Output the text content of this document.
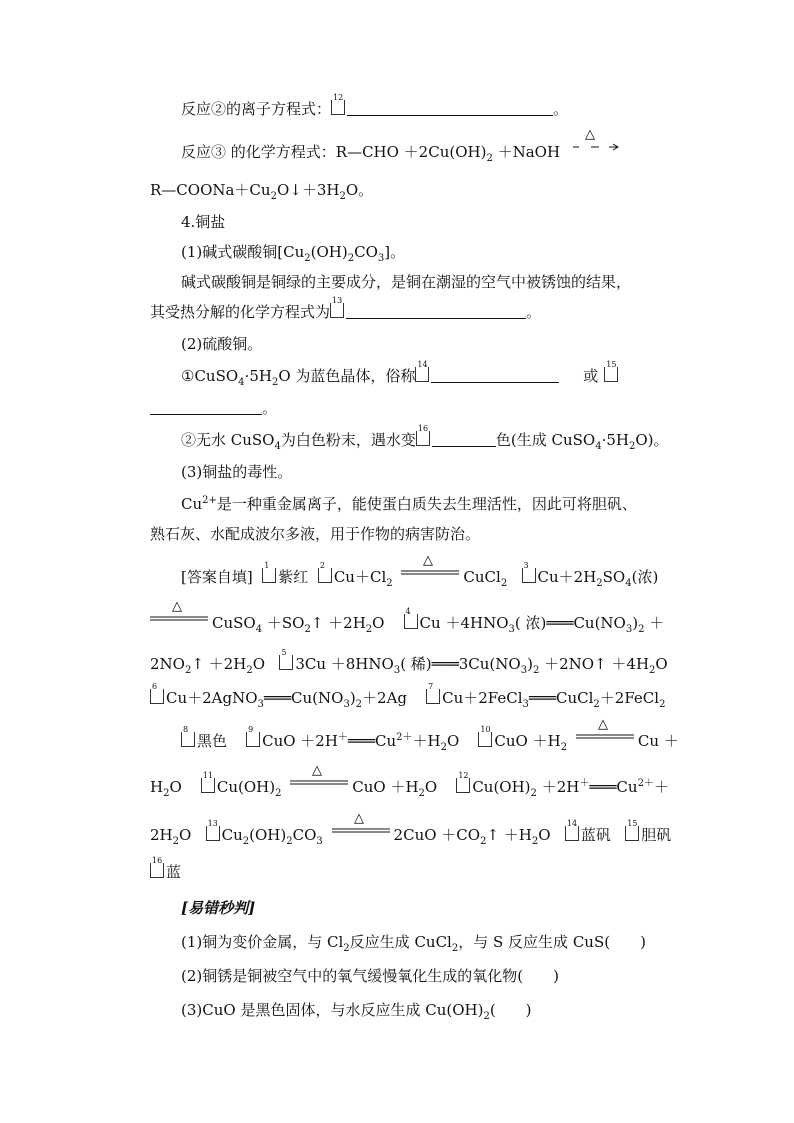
反应②的离子方程式：
12
。
反应③ 的化学方程式：R—CHO $+2Cu(OH)_2$ ＋NaOH
△
$R—COONa+Cu_2O↓+3H_2O$。
4.铜盐
(1)碱式碳酸铜$[Cu_2(OH)_2CO_3]$。
碱式碳酸铜是铜绿的主要成分，是铜在潮湿的空气中被锈蚀的结果，
其受热分解的化学方程式为
13
。
(2)硫酸铜。
$①CuSO_4\cdot 5H_2O$ 为蓝色晶体，俗称
14
或
15
。
②无水 CuSO$_4$为白色粉末，遇水变
16
色(生成 $CuSO_4\cdot 5H_2O$)。
(3)铜盐的毒性。
$Cu^{2+}$是一种重金属离子，能使蛋白质失去生理活性，因此可将胆矾、
熟石灰、水配成波尔多液，用于作物的病害防治。
[答案自填]
1
紫红
2
$Cu+Cl_2$
△
CuCl$_2$
3
$Cu+2H_2SO_4$(浓)
△
CuSO$_4$ $+SO_2↑ +2H_2O$
4
$Cu +4HNO_3$( 浓)$═══Cu(NO_3)_2$ ＋
$2NO_2↑ +2H_2O$
5
$3Cu +8HNO_3$( 稀)$═══3Cu(NO_3)_2$ ＋2NO↑ $+4H_2O$
6
$Cu+2AgNO_3═══Cu(NO_3)_2+2Ag$
7
Cu＋2FeCl$_3$═══CuCl$_2$＋2FeCl$_2$
8
黑色
9
CuO $+2H^+═══Cu^{2+}+H_2O$
10
CuO $+H_2$
△
Cu ＋
$H_2O$
11
$Cu(OH)_2$
△
CuO $+H_2O$
12
$Cu(OH)_2$ $+2H^+═══Cu^{2+}+$
$2H_2O$
13
$Cu_2(OH)_2CO_3$
△
$2CuO +CO_2↑ +H_2O$
14
蓝矾
15
胆矾
16
蓝
[易错秒判]
(1)铜为变价金属，与 $Cl_2$反应生成 CuCl$_2$，与 S 反应生成 CuS(　　)
(2)铜锈是铜被空气中的氧气缓慢氧化生成的氧化物(　　)
(3)CuO 是黑色固体，与水反应生成 $Cu(OH)_2$(　　)
